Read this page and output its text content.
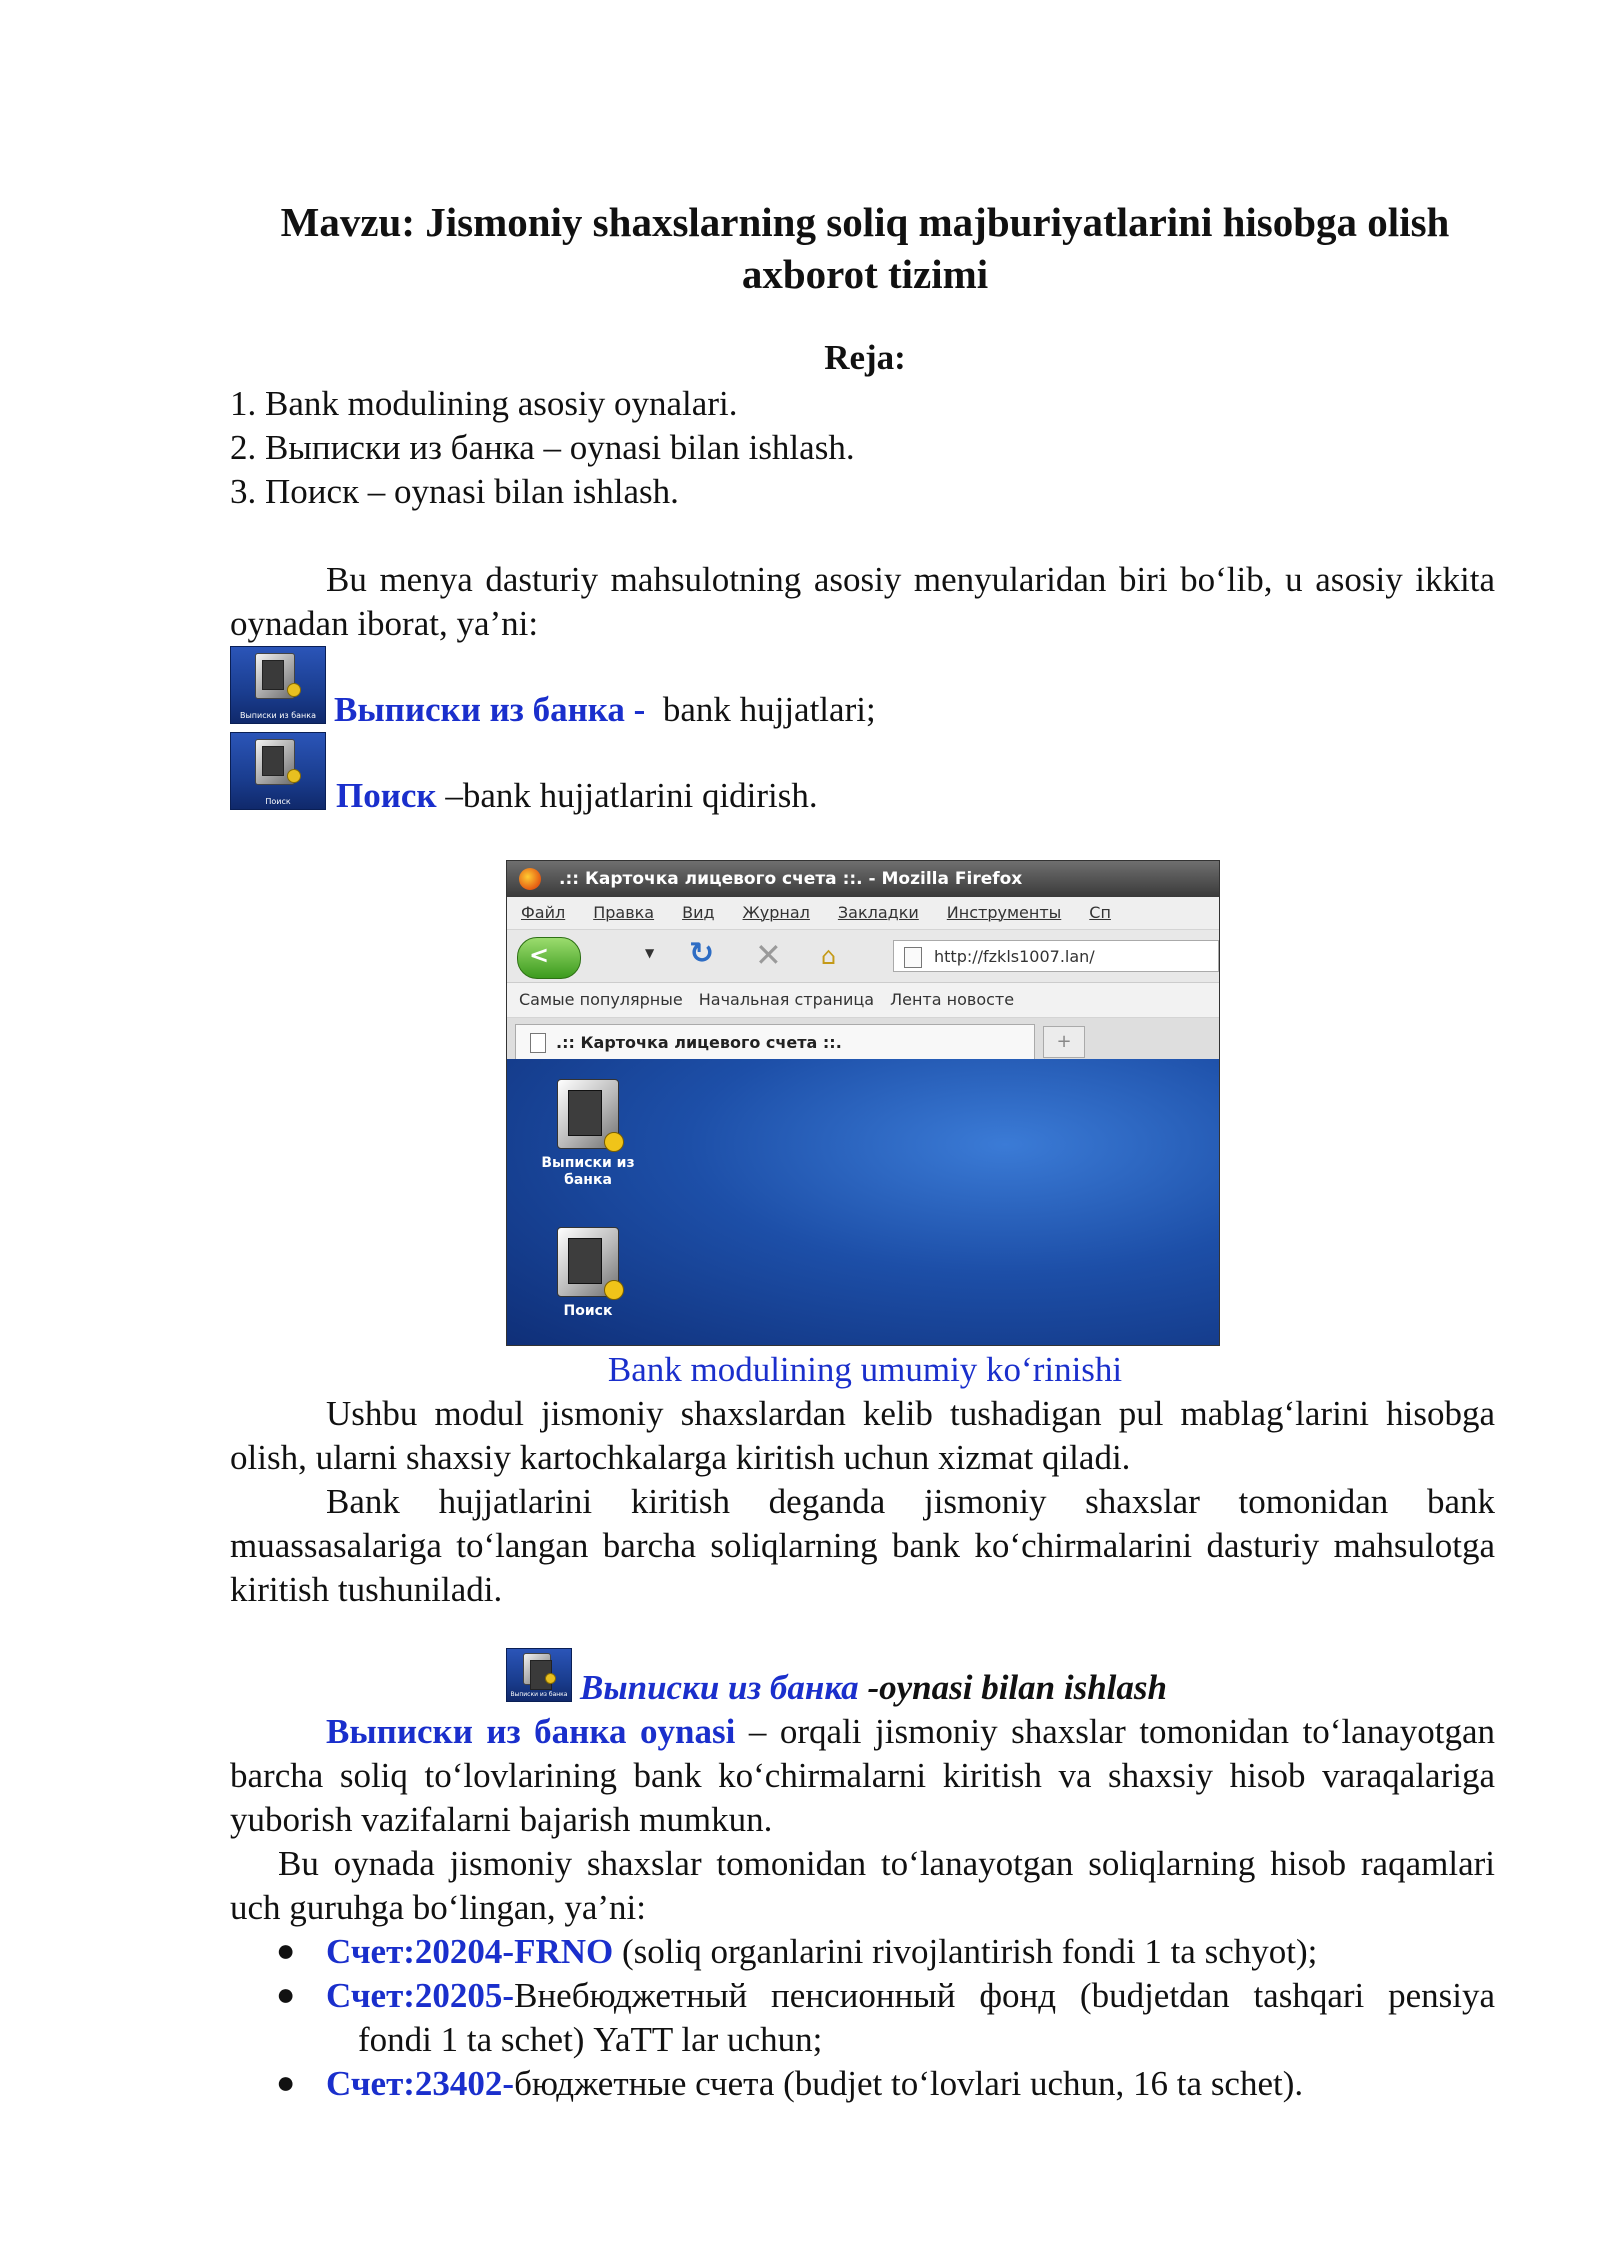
Mavzu: Jismoniy shaxslarning soliq majburiyatlarini hisobga olish axborot tizimi
Reja:
1. Bank modulining asosiy oynalari.
2. Выписки из банка – oynasi bilan ishlash.
3. Поиск – oynasi bilan ishlash.
Bu menya dasturiy mahsulotning asosiy menyularidan biri bo‘lib, u asosiy ikkita oynadan iborat, ya’ni:
Выписки из банка Выписки из банка -  bank hujjatlari;
Поиск	Поиск –bank hujjatlarini qidirish.
.:: Карточка лицевого счета ::. - Mozilla Firefox
Файл Правка Вид Журнал Закладки Инструменты Сп
<
▼ ↻ ✕ ⌂	http://fzkls1007.lan/
Самые популярные Начальная страница Лента новосте
.:: Карточка лицевого счета ::.	+
Выписки из банка
Поиск
Bank modulining umumiy ko‘rinishi
Ushbu modul jismoniy shaxslardan kelib tushadigan pul mablag‘larini hisobga olish, ularni shaxsiy kartochkalarga kiritish uchun xizmat qiladi.
Bank hujjatlarini kiritish deganda jismoniy shaxslar tomonidan bank muassasalariga to‘langan barcha soliqlarning bank ko‘chirmalarini dasturiy mahsulotga kiritish tushuniladi.
Выписки из банка Выписки из банка -oynasi bilan ishlash
Выписки из банка oynasi – orqali jismoniy shaxslar tomonidan to‘lanayotgan barcha soliq to‘lovlarining bank ko‘chirmalarni kiritish va shaxsiy hisob varaqalariga yuborish vazifalarni bajarish mumkun.
Bu oynada jismoniy shaxslar tomonidan to‘lanayotgan soliqlarning hisob raqamlari uch guruhga bo‘lingan, ya’ni:
● Счет:20204-FRNO (soliq organlarini rivojlantirish fondi 1 ta schyot);
● Счет:20205-Внебюджетный пенсионный фонд (budjetdan tashqari pensiya fondi 1 ta schet) YaTT lar uchun;
● Счет:23402-бюджетные счета (budjet to‘lovlari uchun, 16 ta schet).
